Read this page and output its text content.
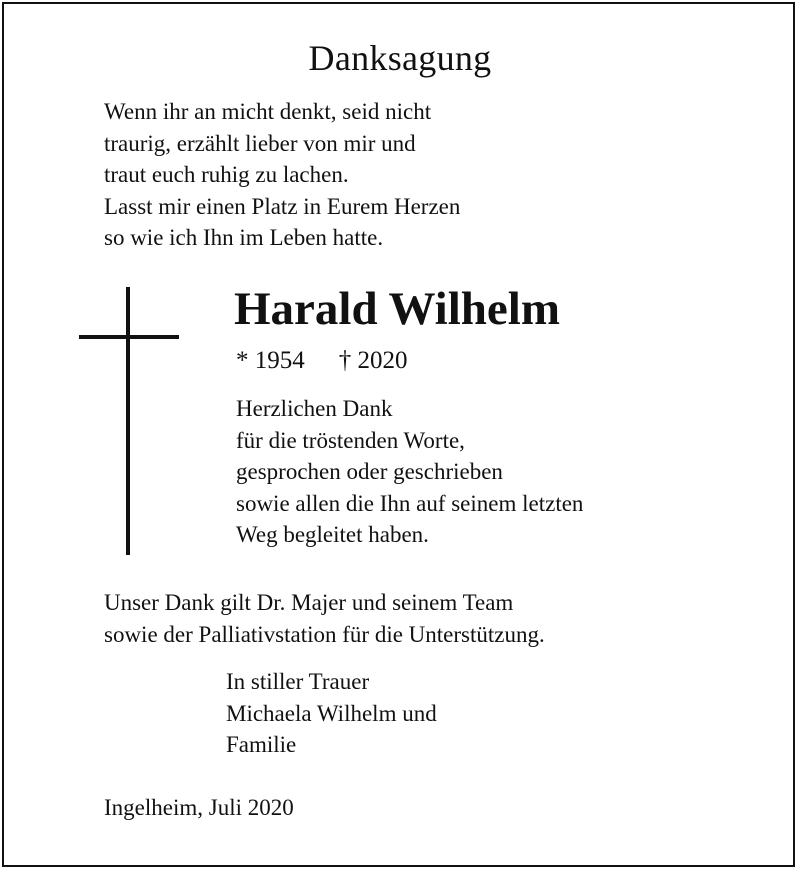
Danksagung
Wenn ihr an micht denkt, seid nicht
traurig, erzählt lieber von mir und
traut euch ruhig zu lachen.
Lasst mir einen Platz in Eurem Herzen
so wie ich Ihn im Leben hatte.
Harald Wilhelm
* 1954 † 2020
Herzlichen Dank
für die tröstenden Worte,
gesprochen oder geschrieben
sowie allen die Ihn auf seinem letzten
Weg begleitet haben.
Unser Dank gilt Dr. Majer und seinem Team
sowie der Palliativstation für die Unterstützung.
In stiller Trauer
Michaela Wilhelm und
Familie
Ingelheim, Juli 2020
